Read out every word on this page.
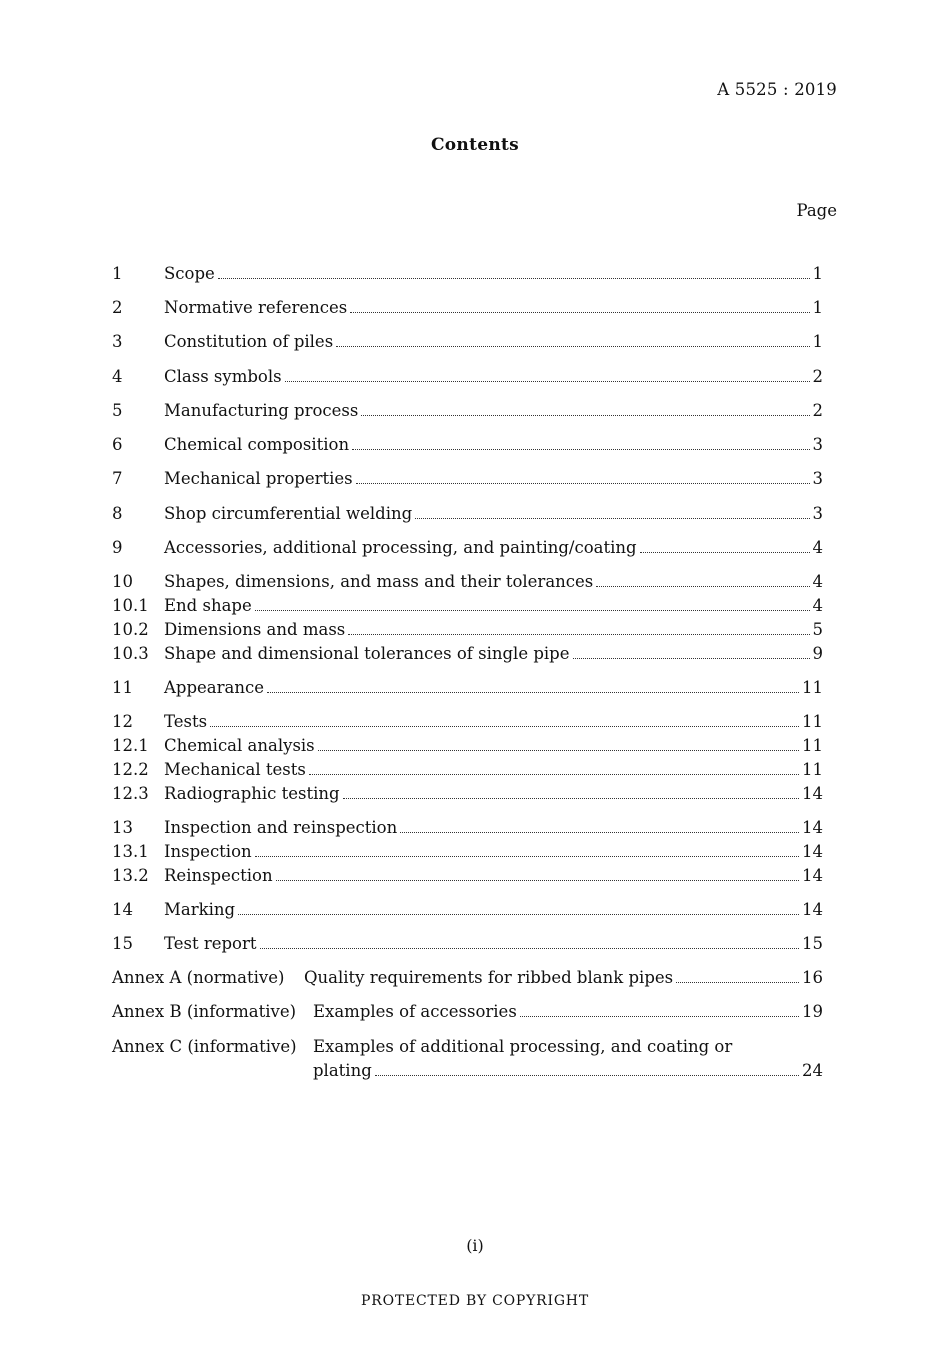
A 5525 : 2019
Contents
Page
1	Scope	1
2	Normative references	1
3	Constitution of piles	1
4	Class symbols	2
5	Manufacturing process	2
6	Chemical composition	3
7	Mechanical properties	3
8	Shop circumferential welding	3
9	Accessories, additional processing, and painting/coating	4
10 Shapes, dimensions, and mass and their tolerances	4
10.1 End shape	4
10.2 Dimensions and mass	5
10.3 Shape and dimensional tolerances of single pipe	9
11 Appearance	11
12 Tests	11
12.1 Chemical analysis	11
12.2 Mechanical tests	11
12.3 Radiographic testing	14
13 Inspection and reinspection	14
13.1 Inspection	14
13.2 Reinspection	14
14 Marking	14
15 Test report	15
Annex A (normative) Quality requirements for ribbed blank pipes	16
Annex B (informative) Examples of accessories	19
Annex C (informative) Examples of additional processing, and coating or
plating	24
(i)
PROTECTED BY COPYRIGHT
